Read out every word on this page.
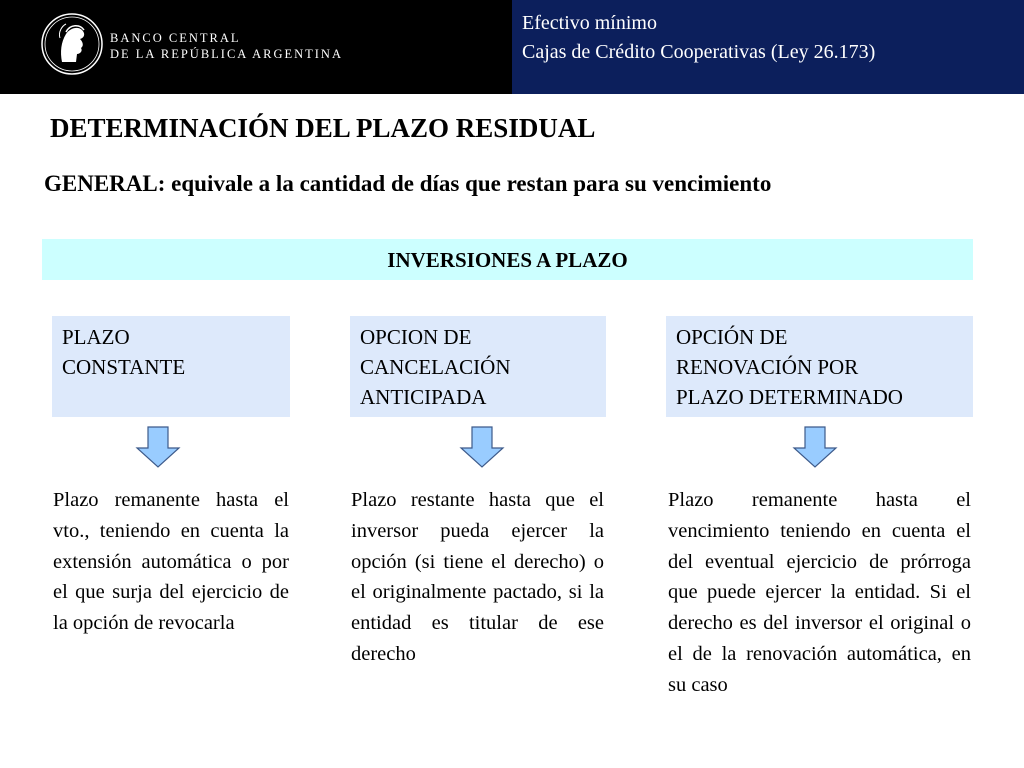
BANCO CENTRAL
DE LA REPÚBLICA ARGENTINA
Efectivo mínimo
Cajas de Crédito Cooperativas (Ley 26.173)
DETERMINACIÓN DEL PLAZO RESIDUAL
GENERAL: equivale a la cantidad de días que restan para su vencimiento
INVERSIONES A PLAZO
PLAZO
CONSTANTE
OPCION DE
CANCELACIÓN
ANTICIPADA
OPCIÓN DE
RENOVACIÓN POR
PLAZO DETERMINADO
Plazo remanente hasta el vto., teniendo en cuenta la extensión automática o por el que surja del ejercicio de la opción de revocarla
Plazo restante hasta que el inversor pueda ejercer la opción (si tiene el derecho) o el originalmente pactado, si la entidad es titular de ese derecho
Plazo remanente hasta el vencimiento teniendo en cuenta el del eventual ejercicio de prórroga que puede ejercer la entidad. Si el derecho es del inversor el original o el de la renovación automática, en su caso
